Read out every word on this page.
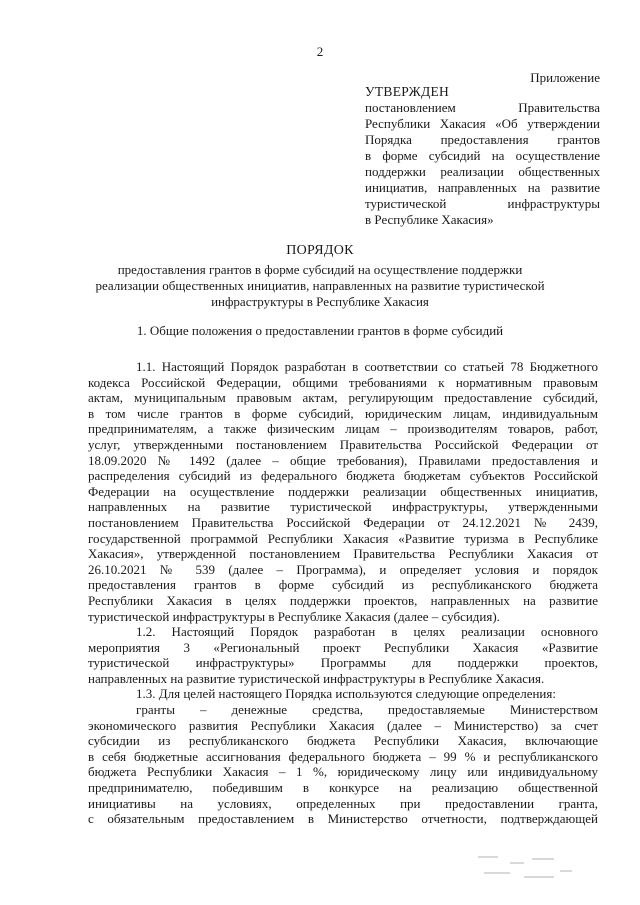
2
Приложение
УТВЕРЖДЕН
постановлением Правительства
Республики Хакасия «Об утверждении
Порядка предоставления грантов
в форме субсидий на осуществление
поддержки реализации общественных
инициатив, направленных на развитие
туристической инфраструктуры
в Республике Хакасия»
ПОРЯДОК
предоставления грантов в форме субсидий на осуществление поддержки
реализации общественных инициатив, направленных на развитие туристической
инфраструктуры в Республике Хакасия
1. Общие положения о предоставлении грантов в форме субсидий
1.1. Настоящий Порядок разработан в соответствии со статьей 78 Бюджетного
кодекса Российской Федерации, общими требованиями к нормативным правовым
актам, муниципальным правовым актам, регулирующим предоставление субсидий,
в том числе грантов в форме субсидий, юридическим лицам, индивидуальным
предпринимателям, а также физическим лицам – производителям товаров, работ,
услуг, утвержденными постановлением Правительства Российской Федерации от
18.09.2020 № 1492 (далее – общие требования), Правилами предоставления и
распределения субсидий из федерального бюджета бюджетам субъектов Российской
Федерации на осуществление поддержки реализации общественных инициатив,
направленных на развитие туристической инфраструктуры, утвержденными
постановлением Правительства Российской Федерации от 24.12.2021 № 2439,
государственной программой Республики Хакасия «Развитие туризма в Республике
Хакасия», утвержденной постановлением Правительства Республики Хакасия от
26.10.2021 № 539 (далее – Программа), и определяет условия и порядок
предоставления грантов в форме субсидий из республиканского бюджета
Республики Хакасия в целях поддержки проектов, направленных на развитие
туристической инфраструктуры в Республике Хакасия (далее – субсидия).
1.2. Настоящий Порядок разработан в целях реализации основного
мероприятия 3 «Региональный проект Республики Хакасия «Развитие
туристической инфраструктуры» Программы для поддержки проектов,
направленных на развитие туристической инфраструктуры в Республике Хакасия.
1.3. Для целей настоящего Порядка используются следующие определения:
гранты – денежные средства, предоставляемые Министерством
экономического развития Республики Хакасия (далее – Министерство) за счет
субсидии из республиканского бюджета Республики Хакасия, включающие
в себя бюджетные ассигнования федерального бюджета – 99 % и республиканского
бюджета Республики Хакасия – 1 %, юридическому лицу или индивидуальному
предпринимателю, победившим в конкурсе на реализацию общественной
инициативы на условиях, определенных при предоставлении гранта,
с обязательным предоставлением в Министерство отчетности, подтверждающей
